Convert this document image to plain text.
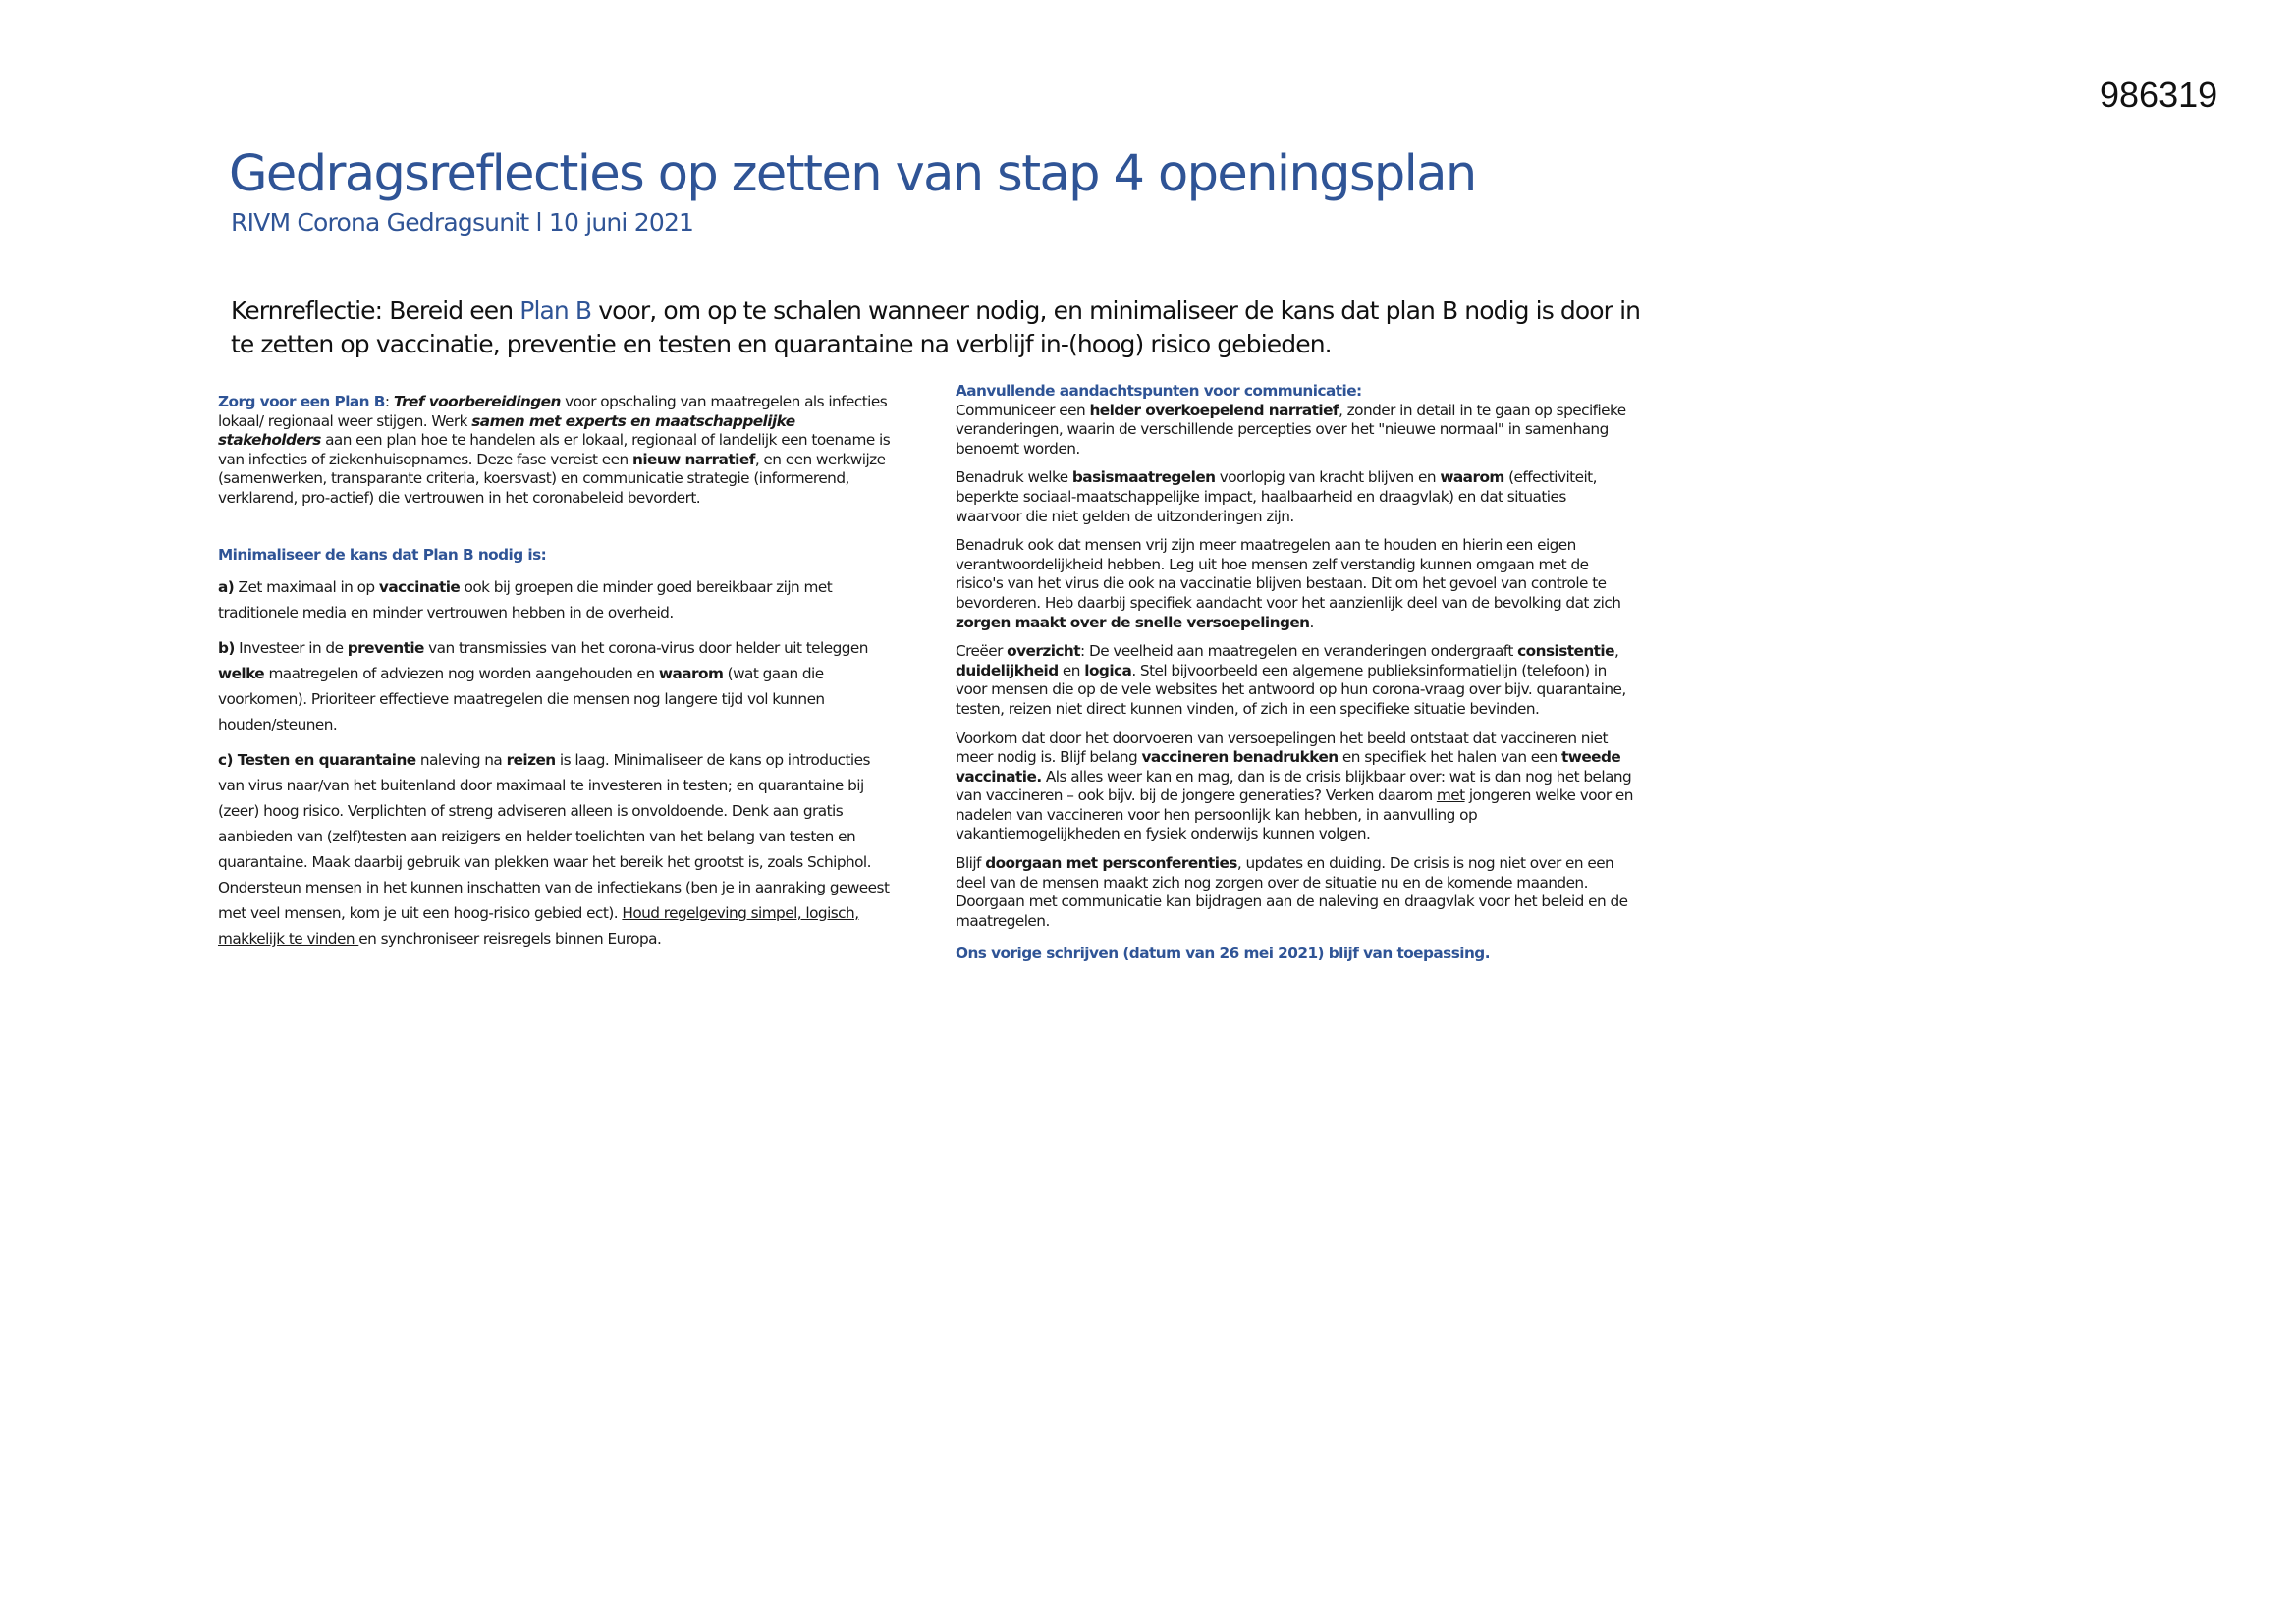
986319
Gedragsreflecties op zetten van stap 4 openingsplan
RIVM Corona Gedragsunit l 10 juni 2021
Kernreflectie: Bereid een Plan B voor, om op te schalen wanneer nodig, en minimaliseer de kans dat plan B nodig is door in te zetten op vaccinatie, preventie en testen en quarantaine na verblijf in-(hoog) risico gebieden.

Zorg voor een Plan B: Tref voorbereidingen voor opschaling van maatregelen als infecties lokaal/ regionaal weer stijgen. Werk samen met experts en maatschappelijke stakeholders aan een plan hoe te handelen als er lokaal, regionaal of landelijk een toename is van infecties of ziekenhuisopnames. Deze fase vereist een nieuw narratief, en een werkwijze (samenwerken, transparante criteria, koersvast) en communicatie strategie (informerend, verklarend, pro-actief) die vertrouwen in het coronabeleid bevordert.

Minimaliseer de kans dat Plan B nodig is:

a) Zet maximaal in op vaccinatie ook bij groepen die minder goed bereikbaar zijn met traditionele media en minder vertrouwen hebben in de overheid.

b) Investeer in de preventie van transmissies van het corona-virus door helder uit teleggen welke maatregelen of adviezen nog worden aangehouden en waarom (wat gaan die voorkomen). Prioriteer effectieve maatregelen die mensen nog langere tijd vol kunnen houden/steunen.

c) Testen en quarantaine naleving na reizen is laag. Minimaliseer de kans op introducties van virus naar/van het buitenland door maximaal te investeren in testen; en quarantaine bij (zeer) hoog risico. Verplichten of streng adviseren alleen is onvoldoende. Denk aan gratis aanbieden van (zelf)testen aan reizigers en helder toelichten van het belang van testen en quarantaine. Maak daarbij gebruik van plekken waar het bereik het grootst is, zoals Schiphol. Ondersteun mensen in het kunnen inschatten van de infectiekans (ben je in aanraking geweest met veel mensen, kom je uit een hoog-risico gebied ect). Houd regelgeving simpel, logisch, makkelijk te vinden en synchroniseer reisregels binnen Europa.

Aanvullende aandachtspunten voor communicatie:

Communiceer een helder overkoepelend narratief, zonder in detail in te gaan op specifieke veranderingen, waarin de verschillende percepties over het "nieuwe normaal" in samenhang benoemt worden.

Benadruk welke basismaatregelen voorlopig van kracht blijven en waarom (effectiviteit, beperkte sociaal-maatschappelijke impact, haalbaarheid en draagvlak) en dat situaties waarvoor die niet gelden de uitzonderingen zijn.

Benadruk ook dat mensen vrij zijn meer maatregelen aan te houden en hierin een eigen verantwoordelijkheid hebben. Leg uit hoe mensen zelf verstandig kunnen omgaan met de risico's van het virus die ook na vaccinatie blijven bestaan. Dit om het gevoel van controle te bevorderen. Heb daarbij specifiek aandacht voor het aanzienlijk deel van de bevolking dat zich zorgen maakt over de snelle versoepelingen.

Creëer overzicht: De veelheid aan maatregelen en veranderingen ondergraaft consistentie, duidelijkheid en logica. Stel bijvoorbeeld een algemene publieksinformatielijn (telefoon) in voor mensen die op de vele websites het antwoord op hun corona-vraag over bijv. quarantaine, testen, reizen niet direct kunnen vinden, of zich in een specifieke situatie bevinden.

Voorkom dat door het doorvoeren van versoepelingen het beeld ontstaat dat vaccineren niet meer nodig is. Blijf belang vaccineren benadrukken en specifiek het halen van een tweede vaccinatie. Als alles weer kan en mag, dan is de crisis blijkbaar over: wat is dan nog het belang van vaccineren – ook bijv. bij de jongere generaties? Verken daarom met jongeren welke voor en nadelen van vaccineren voor hen persoonlijk kan hebben, in aanvulling op vakantiemogelijkheden en fysiek onderwijs kunnen volgen.

Blijf doorgaan met persconferenties, updates en duiding. De crisis is nog niet over en een deel van de mensen maakt zich nog zorgen over de situatie nu en de komende maanden. Doorgaan met communicatie kan bijdragen aan de naleving en draagvlak voor het beleid en de maatregelen.

Ons vorige schrijven (datum van 26 mei 2021) blijf van toepassing.
